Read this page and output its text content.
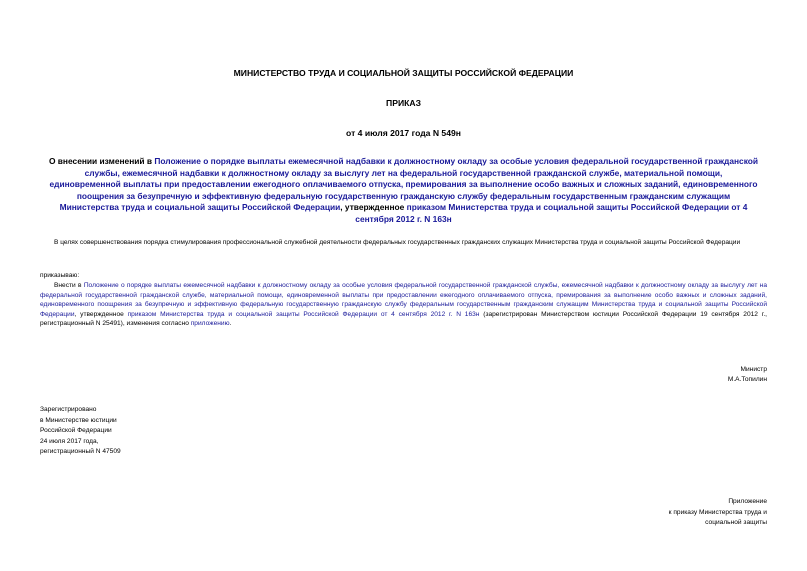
МИНИСТЕРСТВО ТРУДА И СОЦИАЛЬНОЙ ЗАЩИТЫ РОССИЙСКОЙ ФЕДЕРАЦИИ
ПРИКАЗ
от 4 июля 2017 года N 549н
О внесении изменений в Положение о порядке выплаты ежемесячной надбавки к должностному окладу за особые условия федеральной государственной гражданской службы, ежемесячной надбавки к должностному окладу за выслугу лет на федеральной государственной гражданской службе, материальной помощи, единовременной выплаты при предоставлении ежегодного оплачиваемого отпуска, премирования за выполнение особо важных и сложных заданий, единовременного поощрения за безупречную и эффективную федеральную государственную гражданскую службу федеральным государственным гражданским служащим Министерства труда и социальной защиты Российской Федерации, утвержденное приказом Министерства труда и социальной защиты Российской Федерации от 4 сентября 2012 г. N 163н
В целях совершенствования порядка стимулирования профессиональной служебной деятельности федеральных государственных гражданских служащих Министерства труда и социальной защиты Российской Федерации
приказываю:
Внести в Положение о порядке выплаты ежемесячной надбавки к должностному окладу за особые условия федеральной государственной гражданской службы, ежемесячной надбавки к должностному окладу за выслугу лет на федеральной государственной гражданской службе, материальной помощи, единовременной выплаты при предоставлении ежегодного оплачиваемого отпуска, премирования за выполнение особо важных и сложных заданий, единовременного поощрения за безупречную и эффективную федеральную государственную гражданскую службу федеральным государственным гражданским служащим Министерства труда и социальной защиты Российской Федерации, утвержденное приказом Министерства труда и социальной защиты Российской Федерации от 4 сентября 2012 г. N 163н (зарегистрирован Министерством юстиции Российской Федерации 19 сентября 2012 г., регистрационный N 25491), изменения согласно приложению.
Министр
М.А.Топилин
Зарегистрировано
в Министерстве юстиции
Российской Федерации
24 июля 2017 года,
регистрационный N 47509
Приложение
к приказу Министерства труда и
социальной защиты
